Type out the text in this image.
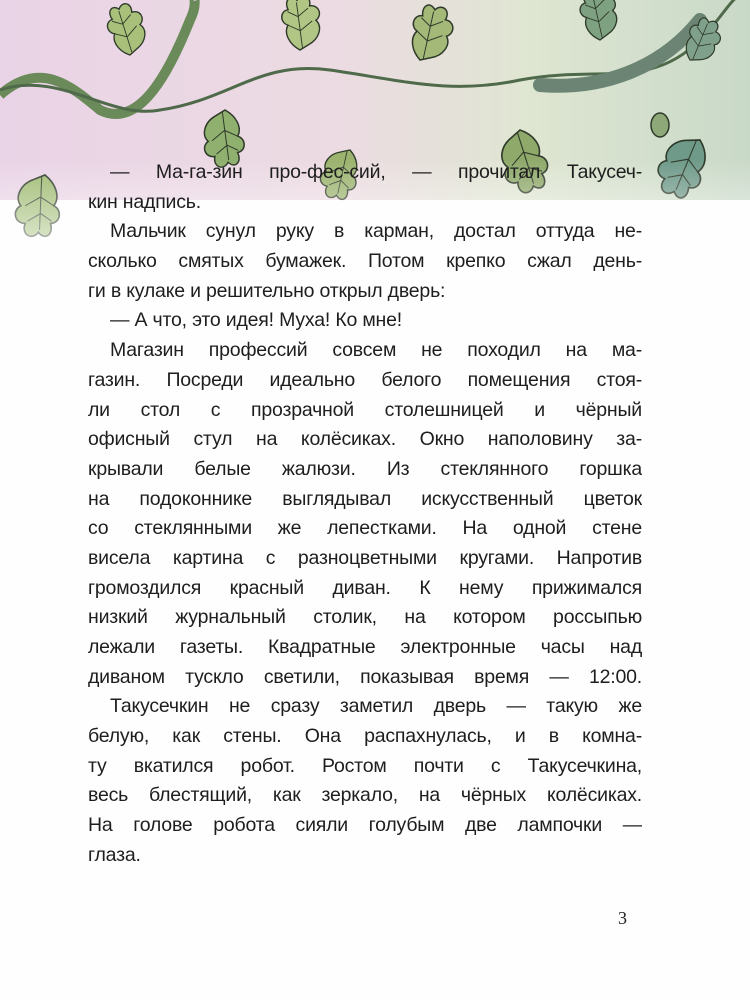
— Ма-га-зин про-фес-сий, — прочитал Такусеч-
кин надпись.
Мальчик сунул руку в карман, достал оттуда не-
сколько смятых бумажек. Потом крепко сжал день-
ги в кулаке и решительно открыл дверь:
— А что, это идея! Муха! Ко мне!
Магазин профессий совсем не походил на ма-
газин. Посреди идеально белого помещения стоя-
ли стол с прозрачной столешницей и чёрный
офисный стул на колёсиках. Окно наполовину за-
крывали белые жалюзи. Из стеклянного горшка
на подоконнике выглядывал искусственный цветок
со стеклянными же лепестками. На одной стене
висела картина с разноцветными кругами. Напротив
громоздился красный диван. К нему прижимался
низкий журнальный столик, на котором россыпью
лежали газеты. Квадратные электронные часы над
диваном тускло светили, показывая время — 12:00.
Такусечкин не сразу заметил дверь — такую же
белую, как стены. Она распахнулась, и в комна-
ту вкатился робот. Ростом почти с Такусечкина,
весь блестящий, как зеркало, на чёрных колёсиках.
На голове робота сияли голубым две лампочки —
глаза.
3
